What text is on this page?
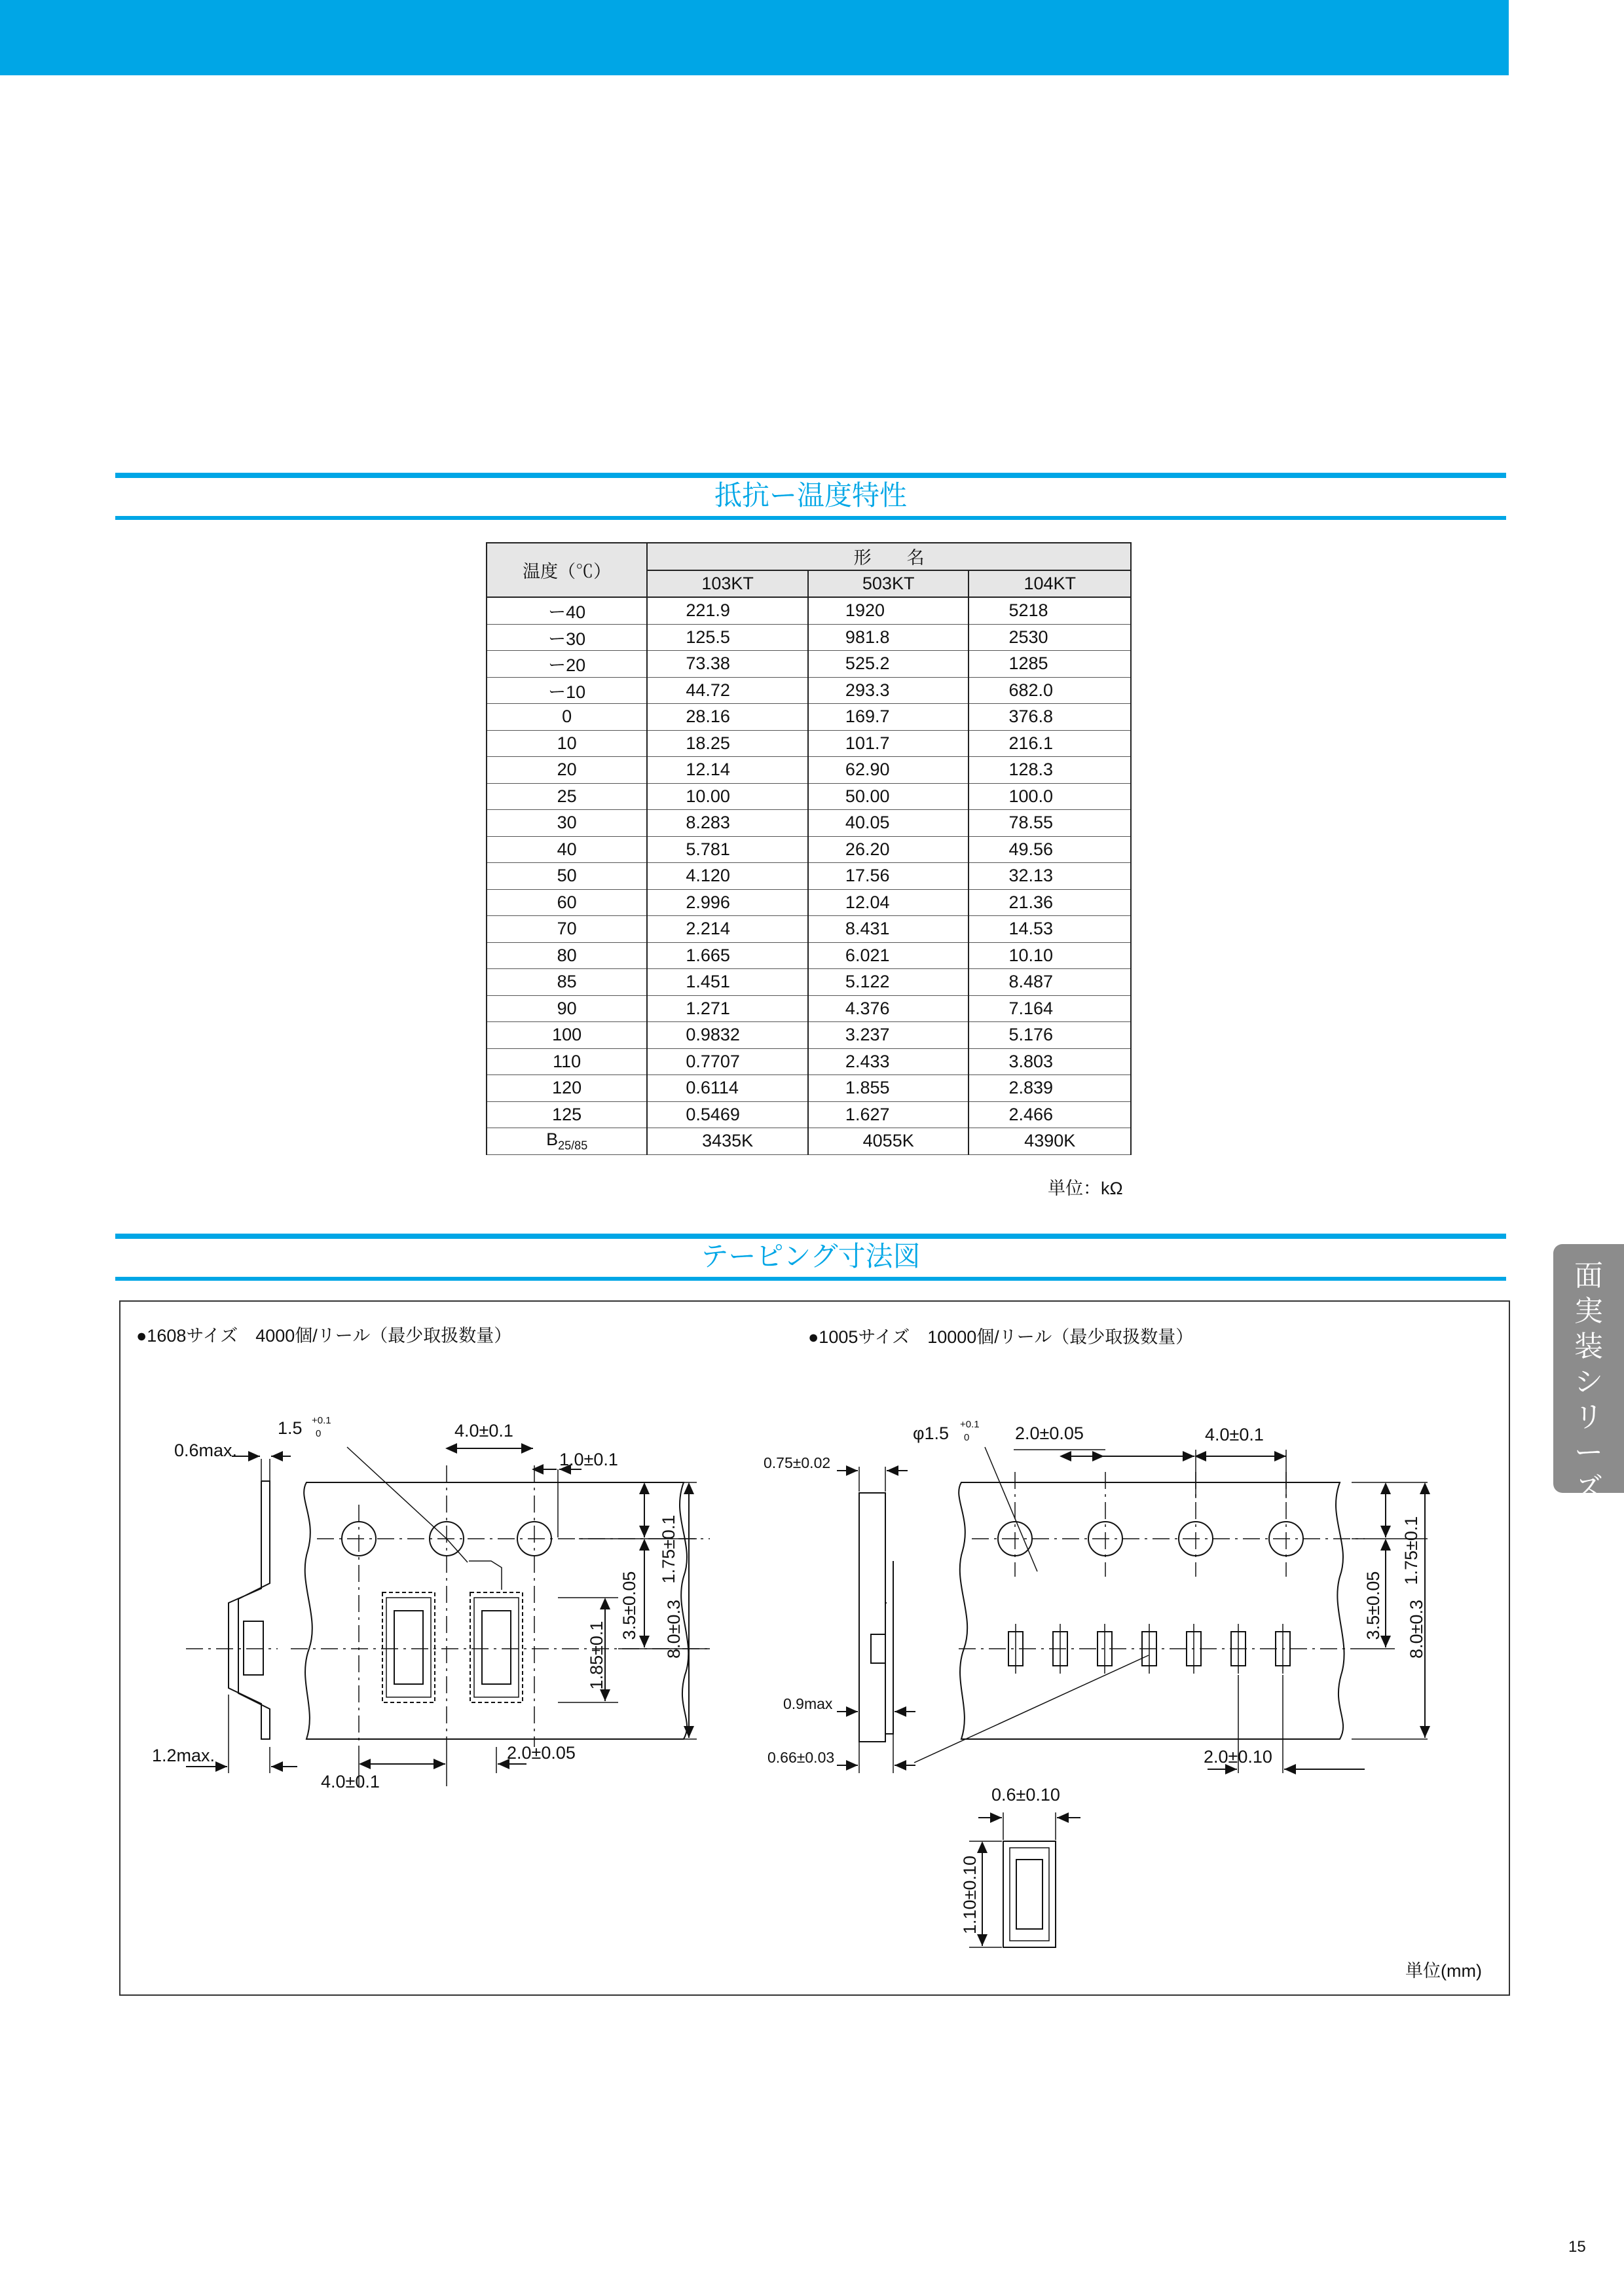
抵抗ー温度特性
温度（℃）	形　　名		
	103KT	503KT	104KT
ー40	221.9	1920	5218
ー30	125.5	981.8	2530
ー20	73.38	525.2	1285
ー10	44.72	293.3	682.0
0	28.16	169.7	376.8
10	18.25	101.7	216.1
20	12.14	62.90	128.3
25	10.00	50.00	100.0
30	8.283	40.05	78.55
40	5.781	26.20	49.56
50	4.120	17.56	32.13
60	2.996	12.04	21.36
70	2.214	8.431	14.53
80	1.665	6.021	10.10
85	1.451	5.122	8.487
90	1.271	4.376	7.164
100	0.9832	3.237	5.176
110	0.7707	2.433	3.803
120	0.6114	1.855	2.839
125	0.5469	1.627	2.466
$B_{25/85}$	3435K	4055K	4390K
単位：kΩ
テーピング寸法図
●1608サイズ　4000個/リール（最少取扱数量）	●1005サイズ　10000個/リール（最少取扱数量）
1.5 +0.1
0
0.6max.
4.0±0.1
1.0±0.1
1.2max.
4.0±0.1
2.0±0.05
1.75±0.1
3.5±0.05 8.0±0.3
1.85±0.1
φ1.5 +0.1
0	2.0±0.05	4.0±0.1
0.75±0.02
0.9max
0.66±0.03	2.0±0.10
0.6±0.10
1.10±0.10
1.75±0.1
3.5±0.05 8.0±0.3
単位(mm)
面
実
装
シ
リ
ー
ズ
15
